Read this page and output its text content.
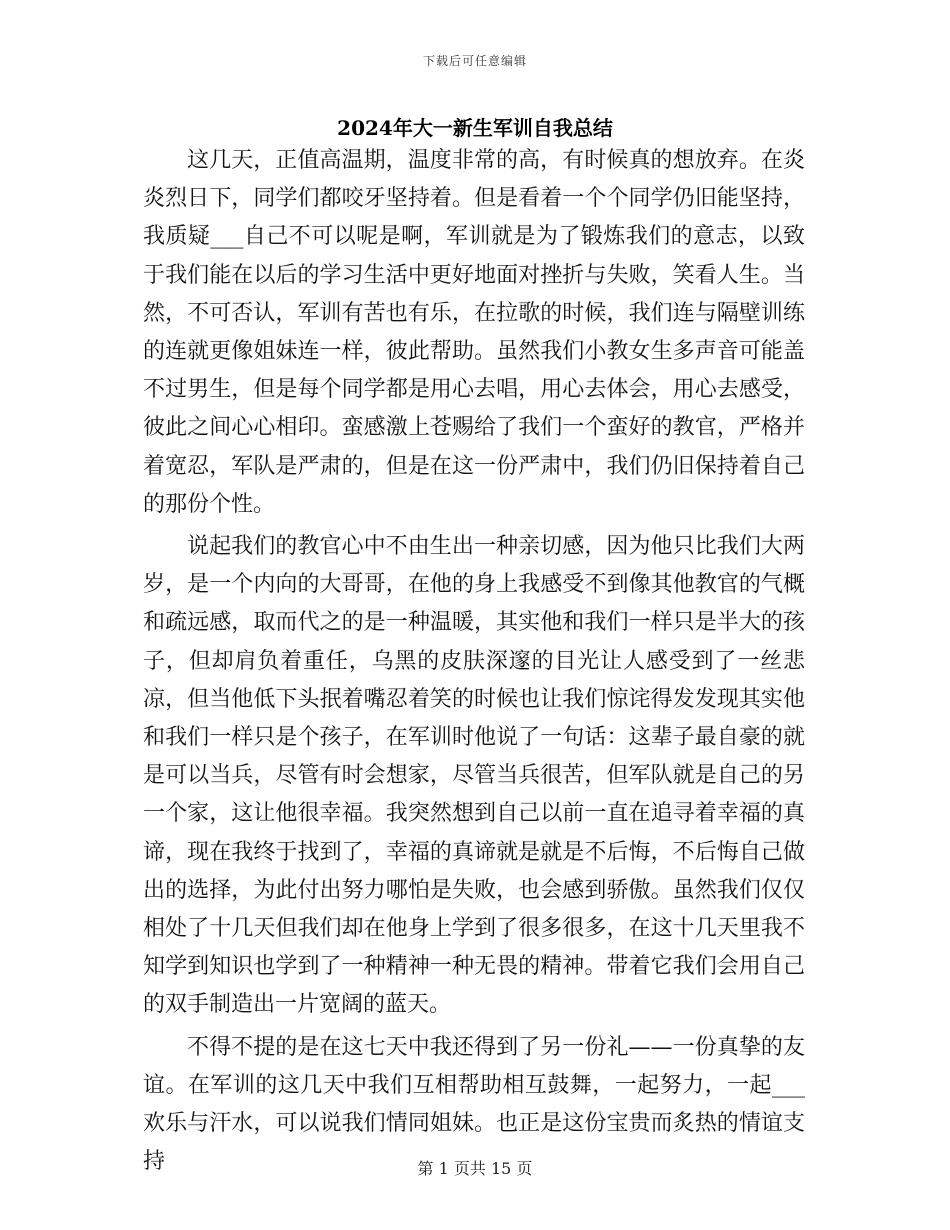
下载后可任意编辑
2024年大一新生军训自我总结

这几天，正值高温期，温度非常的高，有时候真的想放弃。在炎炎烈日下，同学们都咬牙坚持着。但是看着一个个同学仍旧能坚持，我质疑___自己不可以呢是啊，军训就是为了锻炼我们的意志，以致于我们能在以后的学习生活中更好地面对挫折与失败，笑看人生。当然，不可否认，军训有苦也有乐，在拉歌的时候，我们连与隔壁训练的连就更像姐妹连一样，彼此帮助。虽然我们小教女生多声音可能盖不过男生，但是每个同学都是用心去唱，用心去体会，用心去感受，彼此之间心心相印。蛮感激上苍赐给了我们一个蛮好的教官，严格并着宽忍，军队是严肃的，但是在这一份严肃中，我们仍旧保持着自己的那份个性。

说起我们的教官心中不由生出一种亲切感，因为他只比我们大两岁，是一个内向的大哥哥，在他的身上我感受不到像其他教官的气概和疏远感，取而代之的是一种温暖，其实他和我们一样只是半大的孩子，但却肩负着重任，乌黑的皮肤深邃的目光让人感受到了一丝悲凉，但当他低下头抿着嘴忍着笑的时候也让我们惊诧得发发现其实他和我们一样只是个孩子，在军训时他说了一句话：这辈子最自豪的就是可以当兵，尽管有时会想家，尽管当兵很苦，但军队就是自己的另一个家，这让他很幸福。我突然想到自己以前一直在追寻着幸福的真谛，现在我终于找到了，幸福的真谛就是就是不后悔，不后悔自己做出的选择，为此付出努力哪怕是失败，也会感到骄傲。虽然我们仅仅相处了十几天但我们却在他身上学到了很多很多，在这十几天里我不知学到知识也学到了一种精神一种无畏的精神。带着它我们会用自己的双手制造出一片宽阔的蓝天。

不得不提的是在这七天中我还得到了另一份礼——一份真挚的友谊。在军训的这几天中我们互相帮助相互鼓舞，一起努力，一起___欢乐与汗水，可以说我们情同姐妹。也正是这份宝贵而炙热的情谊支持	第 1 页共 15 页
